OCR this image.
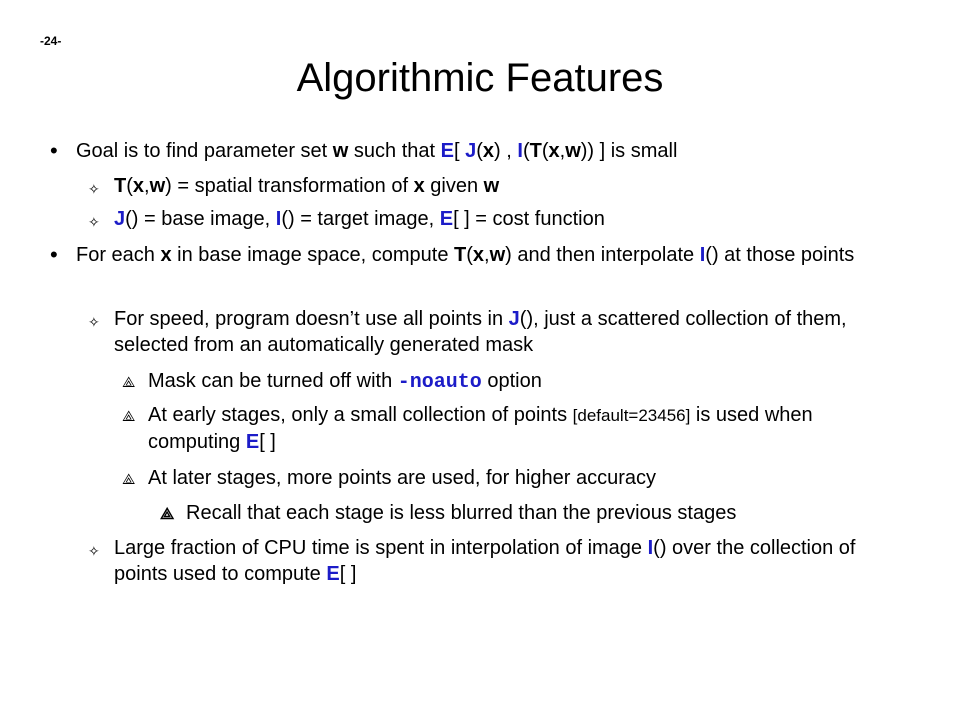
-24-
Algorithmic Features
• Goal is to find parameter set w such that E[ J(x) , I(T(x,w)) ] is small
✧ T(x,w) = spatial transformation of x given w
✧ J() = base image, I() = target image, E[ ] = cost function
• For each x in base image space, compute T(x,w) and then interpolate I() at those points
✧ For speed, program doesn’t use all points in J(), just a scattered collection of them, selected from an automatically generated mask
⟁ Mask can be turned off with -noauto option
⟁ At early stages, only a small collection of points [default=23456] is used when computing E[ ]
⟁ At later stages, more points are used, for higher accuracy
⟁ Recall that each stage is less blurred than the previous stages
✧ Large fraction of CPU time is spent in interpolation of image I() over the collection of points used to compute E[ ]
